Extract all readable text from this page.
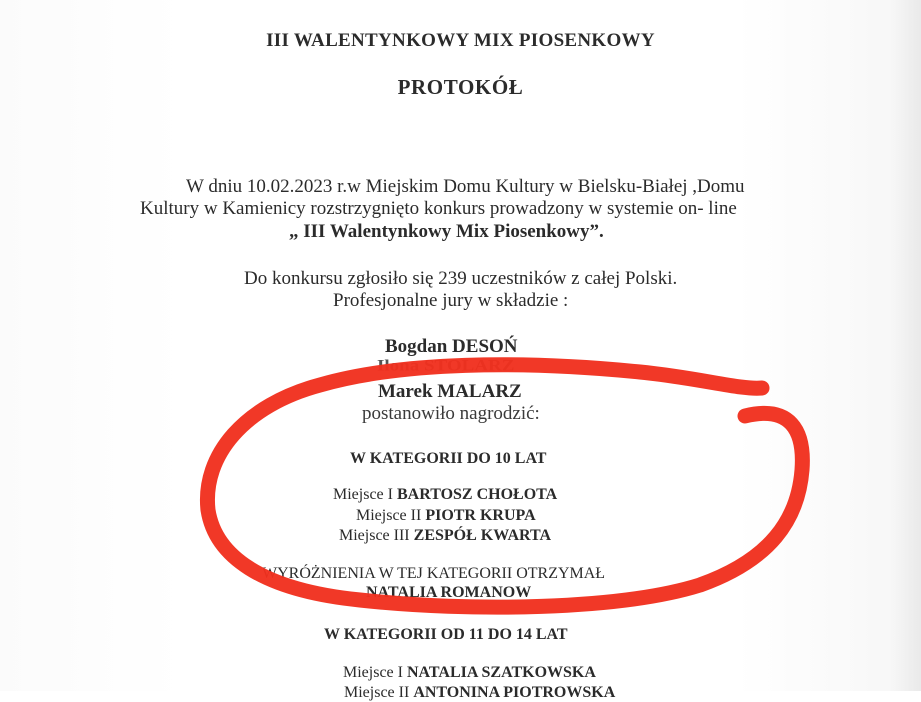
III WALENTYNKOWY MIX PIOSENKOWY
PROTOKÓŁ
W dniu 10.02.2023 r.w Miejskim Domu Kultury w Bielsku-Białej ,Domu
Kultury w Kamienicy rozstrzygnięto konkurs prowadzony w systemie on- line
„ III Walentynkowy Mix Piosenkowy”.
Do konkursu zgłosiło się 239 uczestników z całej Polski.
Profesjonalne jury w składzie :
Bogdan DESOŃ
Ilona STOLARZ
Marek MALARZ
postanowiło nagrodzić:
W KATEGORII DO 10 LAT
Miejsce I BARTOSZ CHOŁOTA
Miejsce II PIOTR KRUPA
Miejsce III ZESPÓŁ KWARTA
WYRÓŻNIENIA W TEJ KATEGORII OTRZYMAŁ
NATALIA ROMANOW
W KATEGORII OD 11 DO 14 LAT
Miejsce I NATALIA SZATKOWSKA
Miejsce II ANTONINA PIOTROWSKA
